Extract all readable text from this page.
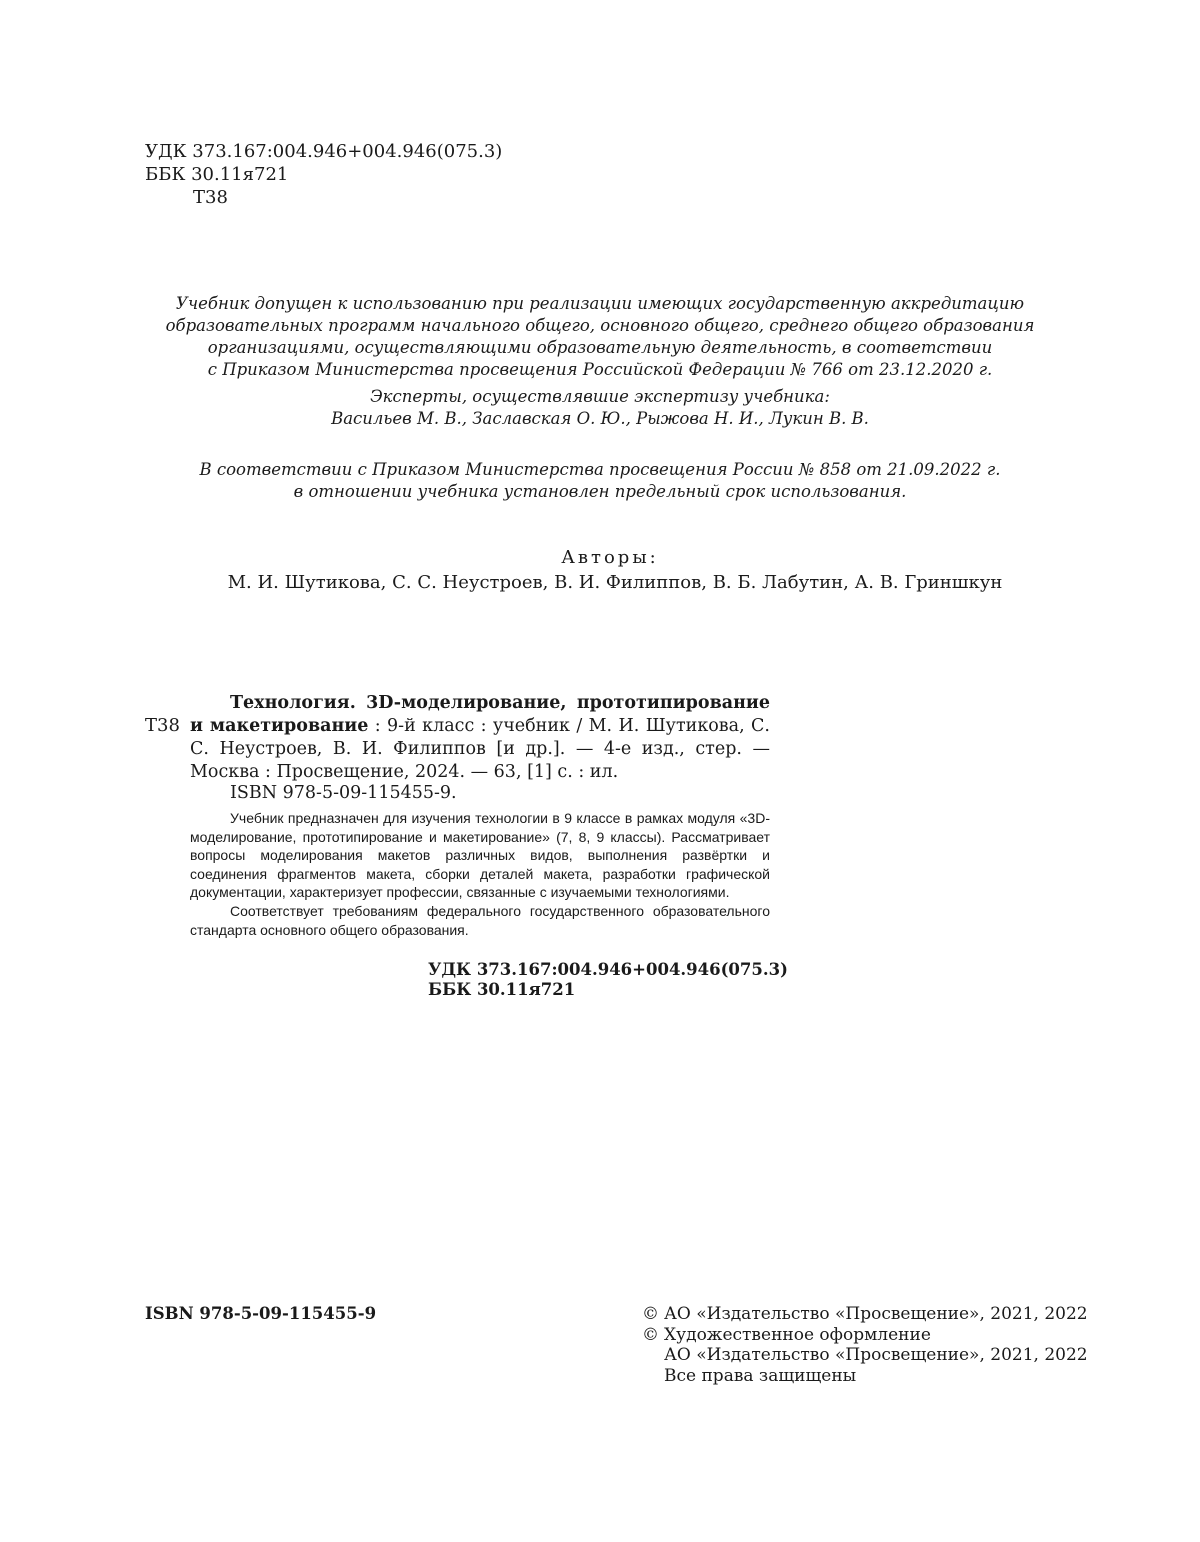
УДК 373.167:004.946+004.946(075.3)
ББК 30.11я721
Т38
Учебник допущен к использованию при реализации имеющих государственную аккредитацию
образовательных программ начального общего, основного общего, среднего общего образования
организациями, осуществляющими образовательную деятельность, в соответствии
с Приказом Министерства просвещения Российской Федерации № 766 от 23.12.2020 г.
Эксперты, осуществлявшие экспертизу учебника:
Васильев М. В., Заславская О. Ю., Рыжова Н. И., Лукин В. В.
В соответствии с Приказом Министерства просвещения России № 858 от 21.09.2022 г.
в отношении учебника установлен предельный срок использования.
Авторы:
М. И. Шутикова, С. С. Неустроев, В. И. Филиппов, В. Б. Лабутин, А. В. Гриншкун
Т38
Технология. 3D-моделирование, прототипирование и макетирование : 9-й класс : учебник / М. И. Шутикова, С. С. Неустроев, В. И. Филиппов [и др.]. — 4-е изд., стер. — Москва : Просвещение, 2024. — 63, [1] с. : ил.
ISBN 978-5-09-115455-9.

Учебник предназначен для изучения технологии в 9 классе в рамках модуля «3D-моделирование, прототипирование и макетирование» (7, 8, 9 классы). Рассматривает вопросы моделирования макетов различных видов, выполнения развёртки и соединения фрагментов макета, сборки деталей макета, разработки графической документации, характеризует профессии, связанные с изучаемыми технологиями.

Соответствует требованиям федерального государственного образовательного стандарта основного общего образования.

УДК 373.167:004.946+004.946(075.3)
ББК 30.11я721
ISBN 978-5-09-115455-9	© АО «Издательство «Просвещение», 2021, 2022
© Художественное оформление
АО «Издательство «Просвещение», 2021, 2022
Все права защищены
